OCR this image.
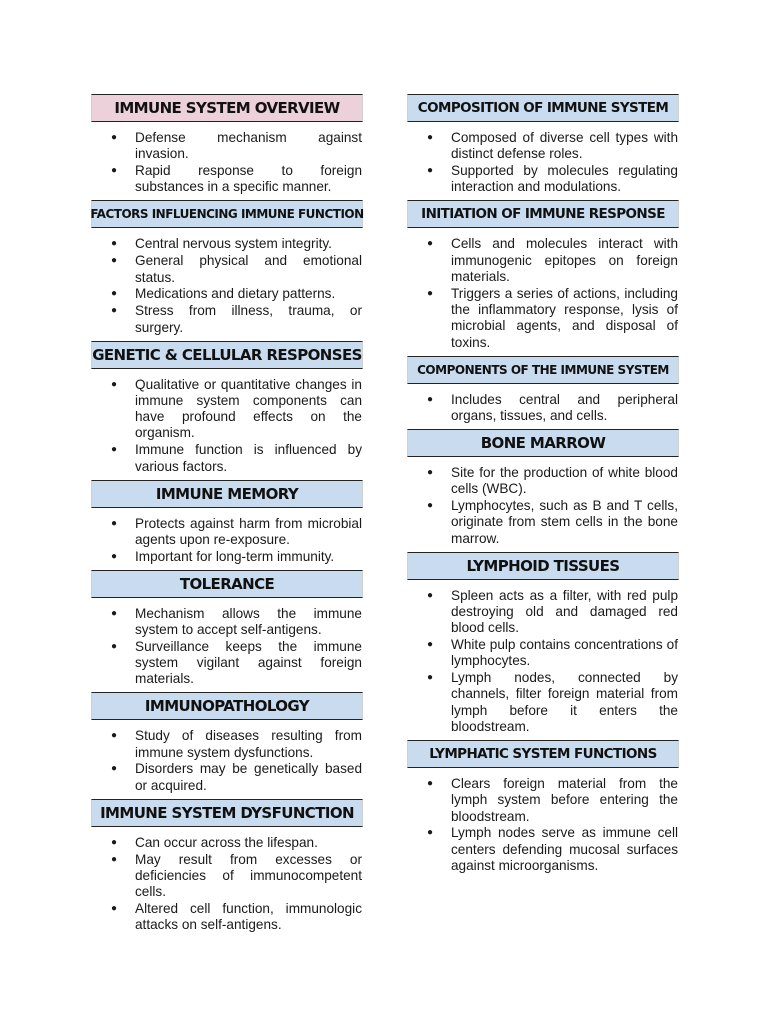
IMMUNE SYSTEM OVERVIEW
● Defense mechanism against invasion.
● Rapid response to foreign substances in a specific manner.
FACTORS INFLUENCING IMMUNE FUNCTION
● Central nervous system integrity.
● General physical and emotional status.
● Medications and dietary patterns.
● Stress from illness, trauma, or surgery.
GENETIC & CELLULAR RESPONSES
● Qualitative or quantitative changes in immune system components can have profound effects on the organism.
● Immune function is influenced by various factors.
IMMUNE MEMORY
● Protects against harm from microbial agents upon re-exposure.
● Important for long-term immunity.
TOLERANCE
● Mechanism allows the immune system to accept self-antigens.
● Surveillance keeps the immune system vigilant against foreign materials.
IMMUNOPATHOLOGY
● Study of diseases resulting from immune system dysfunctions.
● Disorders may be genetically based or acquired.
IMMUNE SYSTEM DYSFUNCTION
● Can occur across the lifespan.
● May result from excesses or deficiencies of immunocompetent cells.
● Altered cell function, immunologic attacks on self-antigens.
COMPOSITION OF IMMUNE SYSTEM
● Composed of diverse cell types with distinct defense roles.
● Supported by molecules regulating interaction and modulations.
INITIATION OF IMMUNE RESPONSE
● Cells and molecules interact with immunogenic epitopes on foreign materials.
● Triggers a series of actions, including the inflammatory response, lysis of microbial agents, and disposal of toxins.
COMPONENTS OF THE IMMUNE SYSTEM
● Includes central and peripheral organs, tissues, and cells.
BONE MARROW
● Site for the production of white blood cells (WBC).
● Lymphocytes, such as B and T cells, originate from stem cells in the bone marrow.
LYMPHOID TISSUES
● Spleen acts as a filter, with red pulp destroying old and damaged red blood cells.
● White pulp contains concentrations of lymphocytes.
● Lymph nodes, connected by channels, filter foreign material from lymph before it enters the bloodstream.
LYMPHATIC SYSTEM FUNCTIONS
● Clears foreign material from the lymph system before entering the bloodstream.
● Lymph nodes serve as immune cell centers defending mucosal surfaces against microorganisms.
